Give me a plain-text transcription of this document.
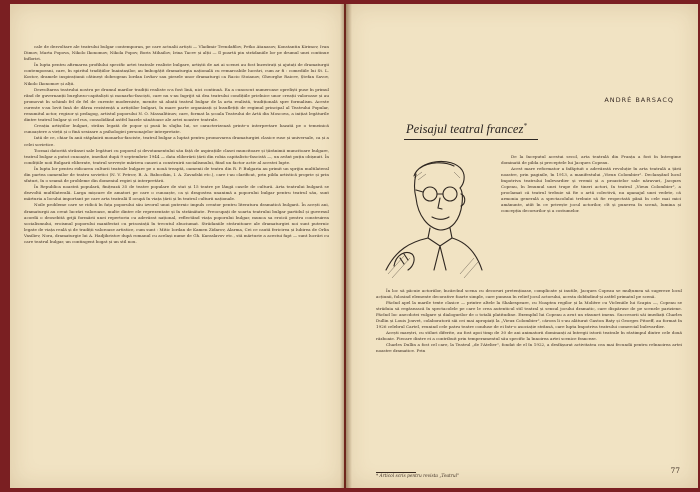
cale de dezvoltare ale teatrului bulgar contemporan, pe care actualii artiști — Vladimir Trendafilov, Petko Atanasov, Konstantin Kirimov, Ivan Dimov, Marta Popova, Nikolo Ikonomov, Nikola Popov, Boris Mihailov, Irina Tacev și alții — îl poartă pin strădaniile lor pe drumul unei continue înfloriri.

În lupta pentru afirmarea profilului specific artei teatrale realiste bulgare, artiștii de azi ai scenei au fost înzestrați și ajutați de dramaturgii contemporani, care, în spiritul tradițiilor înaintașilor, au îmbogățit dramaturgia națională cu remarcabile lucrări, cum ar fi : comediile lui St. L. Kostov, dramele inspirațiunii câtineșt dobrogean Iordan Iovkov sau piesele unor dramaturgi ca Racio Stoianov, Gheorghe Raicev, Ștefan Savov, Nikolo Ikonomov și alții.

Dezvoltarea teatrului nostru pe drumul marilor tradiții realiste n-a fost lină, nici continuă. Ea a cunoscut numeroase opreliști puse în primul rând de guvernanții burghezo-capitaliști și monarho-fasciști, care nu s-au îngrijit să dea teatrului condițiile prielnice unor creații valoroase și au promovat în schimb fel de fel de curente moderniste, menite să abată teatrul bulgar de la arta realistă, tradițională spre formalism. Aceste curente s-au lovit însă de dârza rezistență a artiștilor bulgari, în mare parte organizați și însuflețiți de regimul principal al Teatrului Popular, renumitul actor, regizor și pedagog, artistul poporului N. O. Massalitinov, care, format la școala Teatrului de Artă din Moscova, a inițiat legăturile dintre teatrul bulgar și cel rus, consolidând astfel bazele sănătoase ale artei noastre teatrale.

Creația artiștilor bulgari, strâns legată de popor și pusă în slujba lui, se caracterizează printr-o interpretare bazată pe o temeinică cunoaștere a vieții și o fină sesizare a psihologiei personajelor interpretate.

Iată de ce, chiar în anii stăpânirii monarho-fasciste, teatrul bulgar a luptat pentru promovarea dramaturgiei clasice ruse și universale, ca și a celei sovietice.

Tocmai datorită strânsei sale legături cu poporul și devotamentului său față de aspirațiile clasei muncitoare și țărănimii muncitoare bulgare, teatrul bulgar a putut cunoaște, imediat după 9 septembrie 1944 — data eliberării țării din robia capitalisto-fascistă —, un avânt puțin obișnuit. În condițiile noii Bulgarii eliberate, teatrul servește mărirea cauzei a construirii socialismului, fiind un factor activ al acestei lupte.

În lupta lor pentru ridicarea culturii teatrale bulgare pe o nouă treaptă, oamenii de teatru din R. P. Bulgaria au primit un sprijin multilateral din partea oamenilor de teatru sovietici (N. V. Petrov, B. A. Babocikin, I. A. Zavadski etc.), care i-au clarificat, prin pilda artistică proprie și prin sfaturi, în o seamă de probleme din domeniul regiei și interpretării.

În Republica noastră populară, finițează 35 de teatre populare de stat și 15 teatre pe lângă casele de cultură. Arta teatrului bulgară se dezvoltă multilaterală. Larga mișcare de amatori pe care o cunoaște, ca și dragostea unanimă a poporului bulgar pentru teatrul său, sunt mărturia a locului important pe care arta teatrală îl ocupă în viața țării și în teatrul culturii naționale.

Noile probleme care se ridică în fața poporului său izvorul unui puternic impuls creator pentru literatura dramatică bulgară. În acești ani, dramaturgii au creat lucrări valoroase, multe dintre ele reprezentate și în străinătate. Preocupați de soarta teatrului bulgar partidul și guvernul acordă o deosebită grijă formării unei repertoriu cu adevărat național, reflectând viața poporului bulgar, munca sa eroică pentru construirea socialismului, eroismul poporului manifestat cu prisosință în trecutul zbuciumat. Strădaniile străruitoare ale dramaturgiei noi sunt puternic legate de viața reală și de tradiții valoroase artistice, cum sunt : Mitic Iordan de Kamen Zidarov, Alarma, Cei ce caută fericirea și Iubirea de Orlin Vasiliev, Nora, dramaturgie lui A. Hadjihristov după romanul cu același nume de Gh. Karaslavov etc., stă mărturie a acestui fapt — sunt lucrări cu care teatrul bulgar, un contingent bogat și un stil nou.

ANDRÉ BARSACQ
Peisajul teatral francez*

De la începutul acestui secol, arta teatrală din Franța a fost în întregime dominată de pilda și preceptele lui Jacques Copeau.

Acest mare reformator a înfăptuit o adevărată revoluție în arta teatrală a țării noastre, prin paginile, în 1913, a manifestului „Vieux Colombier". Declanșând lucul împotriva teatrului bulevardier și vremii și a proastelor sale năravuri, Jacques Copeau, în lenumul unei trupe de tineri actori, în teatrul „Vieux Colombier", a proclamat că teatrul trebuie să fie o artă colectivă, nu apanajul unei vedete, că armonia generală a spectacolului trebuie să fie respectată până în cele mai mici amănunte, atât în ce privește jocul actorilor, cît și punerea în scenă, lumina și concepția decorurilor și a costumelor.

În loc să păcuie actoriilor, încărcînd scena cu decoruri pretențioase, complicate și inutile, Jacques Copeau se mulțumea să sugereze locul acțiunii, folosind elemente decorative foarte simple, care puneau în relief jocul actorului, acesta dobîndind-și astfel primatul pe scenă.

Făcînd apel la marile texte clasice — printre altele la Shakespeare, cu Noaptea regilor și la Molière cu Vicleniile lui Scapin —, Copeau se străduia să regăsească în spectacolele pe care le crea autenticul stil teatral și sensul jocului dramatic, care dispăruse de pe scenele pariziene. Făcînd loc anecdotei vulgare și dialogurilor de o totală platitudine. Exemplul lui Copeau a avut un răsunet imens. Succesorii săi imediați Charles Dullin și Louis Jouvet, colaboratorii săi cei mai apropiați la „Vieux Colombier", cărora li s-au alăturat Gaston Baty și Georges Pitoeff, au format în 1926 celebrul Cartel, reunind cele patru teatre conduse de ei într-o asociație strânsă, care lupta împotriva teatrului comercial bulevardier.

Acești maeștri, cu stiluri diferite, au fost apoi timp de 30 de ani animatorii dominanți ai întregii istorii teatrale în răstimpul dintre cele două războaie. Fiecare dintre ei a contribuit prin temperamentul său specific la înnoirea artei scenice franceze.

Charles Dullin a fost cel care, la Teatrul „de l'Atelier", fondat de el în 1922, a desfășurat activitatea cea mai fecundă pentru reînnoirea artei noastre dramatice. Prin

* Articol scris pentru revista „Teatrul"
77
